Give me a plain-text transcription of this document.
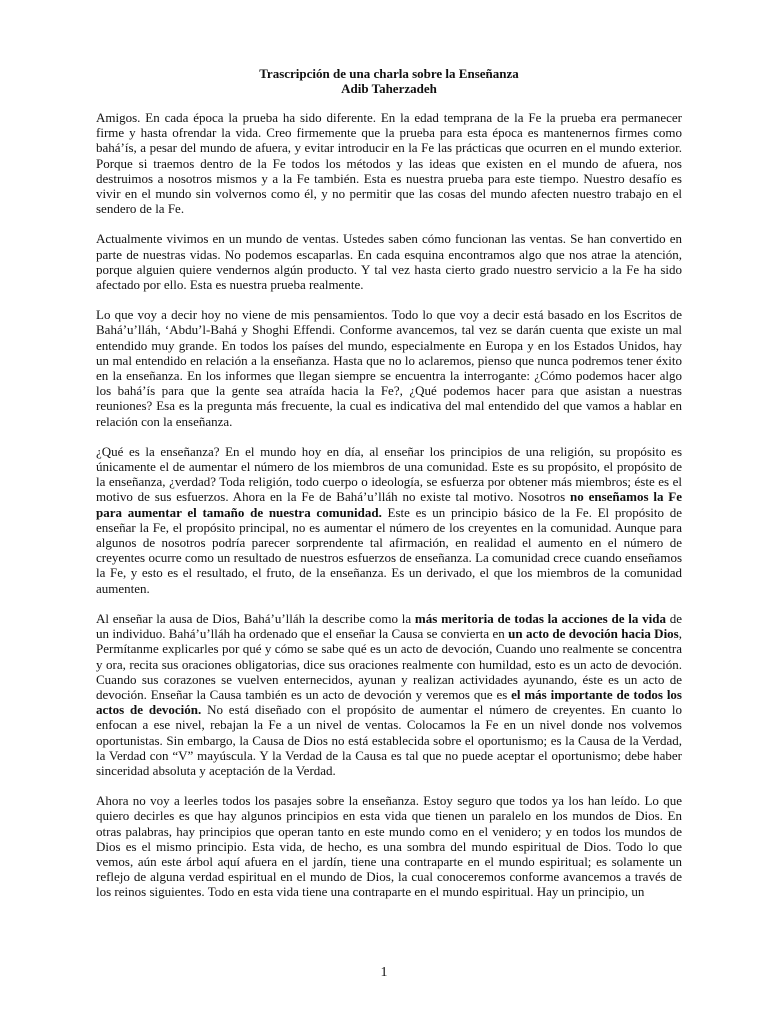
Trascripción de una charla sobre la Enseñanza

Adib Taherzadeh

Amigos. En cada época la prueba ha sido diferente. En la edad temprana de la Fe la prueba era permanecer firme y hasta ofrendar la vida. Creo firmemente que la prueba para esta época es mantenernos firmes como bahá’ís, a pesar del mundo de afuera, y evitar introducir en la Fe las prácticas que ocurren en el mundo exterior. Porque si traemos dentro de la Fe todos los métodos y las ideas que existen en el mundo de afuera, nos destruimos a nosotros mismos y a la Fe también. Esta es nuestra prueba para este tiempo. Nuestro desafío es vivir en el mundo sin volvernos como él, y no permitir que las cosas del mundo afecten nuestro trabajo en el sendero de la Fe.

Actualmente vivimos en un mundo de ventas. Ustedes saben cómo funcionan las ventas. Se han convertido en parte de nuestras vidas. No podemos escaparlas. En cada esquina encontramos algo que nos atrae la atención, porque alguien quiere vendernos algún producto. Y tal vez hasta cierto grado nuestro servicio a la Fe ha sido afectado por ello. Esta es nuestra prueba realmente.

Lo que voy a decir hoy no viene de mis pensamientos. Todo lo que voy a decir está basado en los Escritos de Bahá’u’lláh, ‘Abdu’l-Bahá y Shoghi Effendi. Conforme avancemos, tal vez se darán cuenta que existe un mal entendido muy grande. En todos los países del mundo, especialmente en Europa y en los Estados Unidos, hay un mal entendido en relación a la enseñanza. Hasta que no lo aclaremos, pienso que nunca podremos tener éxito en la enseñanza. En los informes que llegan siempre se encuentra la interrogante: ¿Cómo podemos hacer algo los bahá’ís para que la gente sea atraída hacia la Fe?, ¿Qué podemos hacer para que asistan a nuestras reuniones? Esa es la pregunta más frecuente, la cual es indicativa del mal entendido del que vamos a hablar en relación con la enseñanza.

¿Qué es la enseñanza? En el mundo hoy en día, al enseñar los principios de una religión, su propósito es únicamente el de aumentar el número de los miembros de una comunidad. Este es su propósito, el propósito de la enseñanza, ¿verdad? Toda religión, todo cuerpo o ideología, se esfuerza por obtener más miembros; éste es el motivo de sus esfuerzos. Ahora en la Fe de Bahá’u’lláh no existe tal motivo. Nosotros no enseñamos la Fe para aumentar el tamaño de nuestra comunidad. Este es un principio básico de la Fe. El propósito de enseñar la Fe, el propósito principal, no es aumentar el número de los creyentes en la comunidad. Aunque para algunos de nosotros podría parecer sorprendente tal afirmación, en realidad el aumento en el número de creyentes ocurre como un resultado de nuestros esfuerzos de enseñanza. La comunidad crece cuando enseñamos la Fe, y esto es el resultado, el fruto, de la enseñanza. Es un derivado, el que los miembros de la comunidad aumenten.

Al enseñar la ausa de Dios, Bahá’u’lláh la describe como la más meritoria de todas la acciones de la vida de un individuo. Bahá’u’lláh ha ordenado que el enseñar la Causa se convierta en un acto de devoción hacia Dios, Permítanme explicarles por qué y cómo se sabe qué es un acto de devoción, Cuando uno realmente se concentra y ora, recita sus oraciones obligatorias, dice sus oraciones realmente con humildad, esto es un acto de devoción. Cuando sus corazones se vuelven enternecidos, ayunan y realizan actividades ayunando, éste es un acto de devoción. Enseñar la Causa también es un acto de devoción y veremos que es el más importante de todos los actos de devoción. No está diseñado con el propósito de aumentar el número de creyentes. En cuanto lo enfocan a ese nivel, rebajan la Fe a un nivel de ventas. Colocamos la Fe en un nivel donde nos volvemos oportunistas. Sin embargo, la Causa de Dios no está establecida sobre el oportunismo; es la Causa de la Verdad, la Verdad con “V” mayúscula. Y la Verdad de la Causa es tal que no puede aceptar el oportunismo; debe haber sinceridad absoluta y aceptación de la Verdad.

Ahora no voy a leerles todos los pasajes sobre la enseñanza. Estoy seguro que todos ya los han leído. Lo que quiero decirles es que hay algunos principios en esta vida que tienen un paralelo en los mundos de Dios. En otras palabras, hay principios que operan tanto en este mundo como en el venidero; y en todos los mundos de Dios es el mismo principio. Esta vida, de hecho, es una sombra del mundo espiritual de Dios. Todo lo que vemos, aún este árbol aquí afuera en el jardín, tiene una contraparte en el mundo espiritual; es solamente un reflejo de alguna verdad espiritual en el mundo de Dios, la cual conoceremos conforme avancemos a través de los reinos siguientes. Todo en esta vida tiene una contraparte en el mundo espiritual. Hay un principio, un

1
